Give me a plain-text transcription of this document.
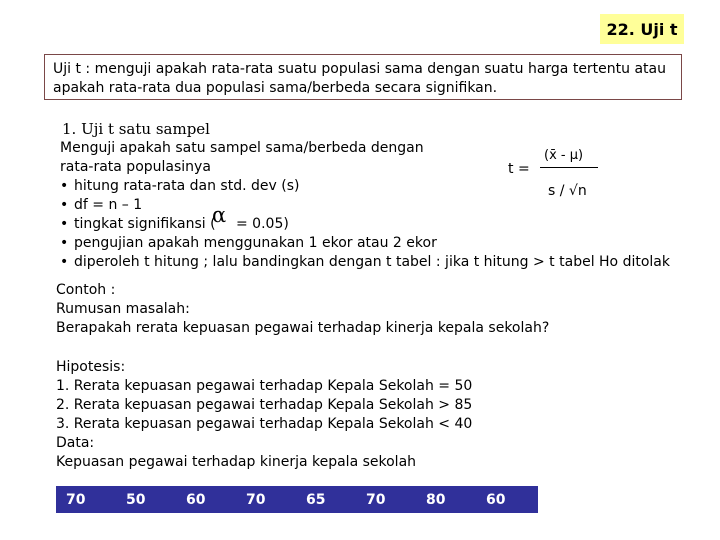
22. Uji t
Uji t : menguji apakah rata-rata suatu populasi sama dengan suatu harga tertentu atau
apakah rata-rata dua populasi sama/berbeda secara signifikan.
1. Uji t satu sampel
Menguji apakah satu sampel sama/berbeda dengan
rata-rata populasinya
• hitung rata-rata dan std. dev (s)
• df = n – 1
• tingkat signifikansi (
α = 0.05)
• pengujian apakah menggunakan 1 ekor atau 2 ekor
• diperoleh t hitung ; lalu bandingkan dengan t tabel : jika t hitung > t tabel Ho ditolak
(x̄ - μ)
t =
s / √n
Contoh :
Rumusan masalah:
Berapakah rerata kepuasan pegawai terhadap kinerja kepala sekolah?
Hipotesis:
1. Rerata kepuasan pegawai terhadap Kepala Sekolah = 50
2. Rerata kepuasan pegawai terhadap Kepala Sekolah > 85
3. Rerata kepuasan pegawai terhadap Kepala Sekolah < 40
Data:
Kepuasan pegawai terhadap kinerja kepala sekolah
70	50	60	70	65	70	80	60
